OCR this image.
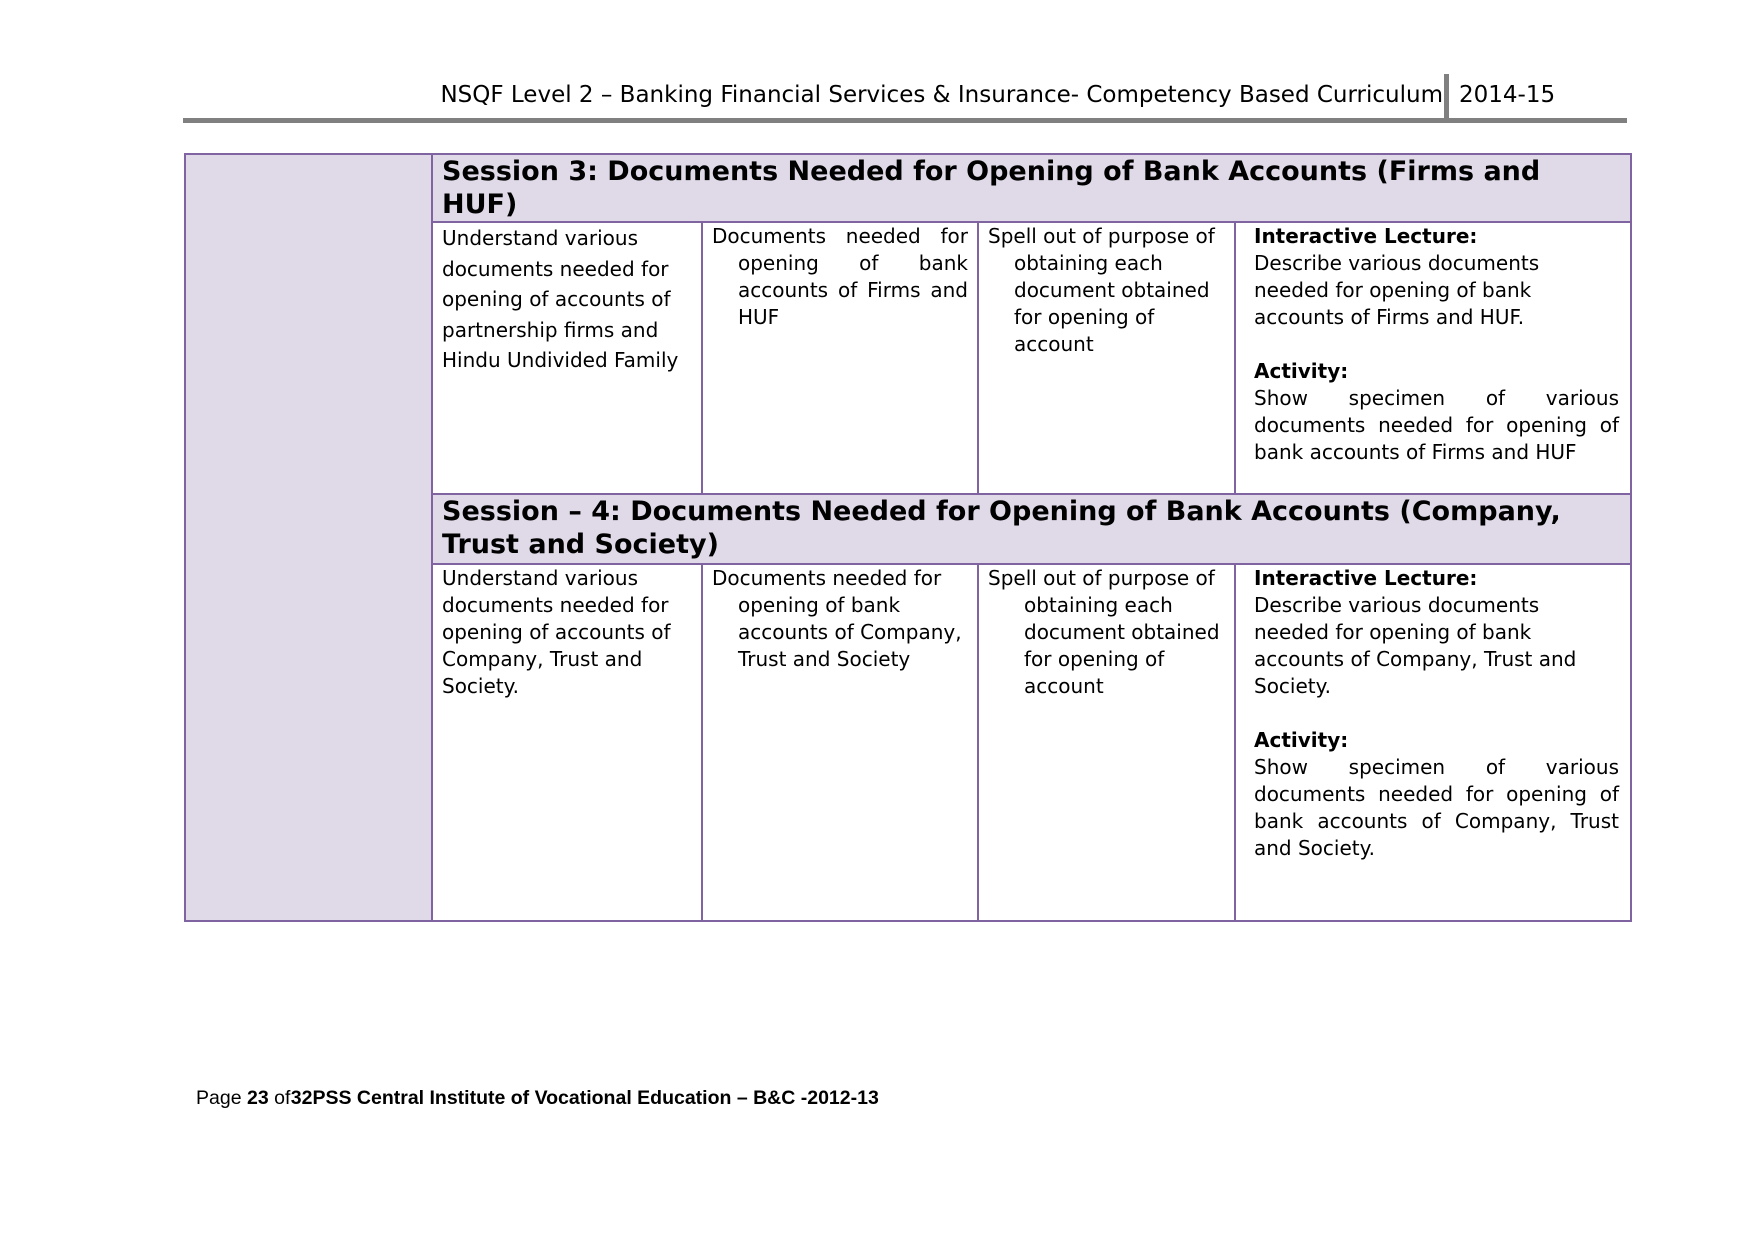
NSQF Level 2 – Banking Financial Services & Insurance- Competency Based Curriculum 2014-15
	Session 3: Documents Needed for Opening of Bank Accounts (Firms and HUF)			

	Understand various documents needed for opening of accounts of partnership firms and Hindu Undivided Family	Documents needed for opening of bank accounts of Firms and HUF	Spell out of purpose of obtaining each document obtained for opening of account	Interactive Lecture:

Describe various documents needed for opening of bank accounts of Firms and HUF.

Activity:

Show specimen of various documents needed for opening of bank accounts of Firms and HUF

	Session – 4: Documents Needed for Opening of Bank Accounts (Company, Trust and Society)			

	Understand various documents needed for opening of accounts of Company, Trust and Society.	Documents needed for opening of bank accounts of Company, Trust and Society	Spell out of purpose of obtaining each document obtained for opening of account	Interactive Lecture:

Describe various documents needed for opening of bank accounts of Company, Trust and Society.

Activity:

Show specimen of various documents needed for opening of bank accounts of Company, Trust and Society.

Page 23 of 32PSS Central Institute of Vocational Education – B&C -2012-13
